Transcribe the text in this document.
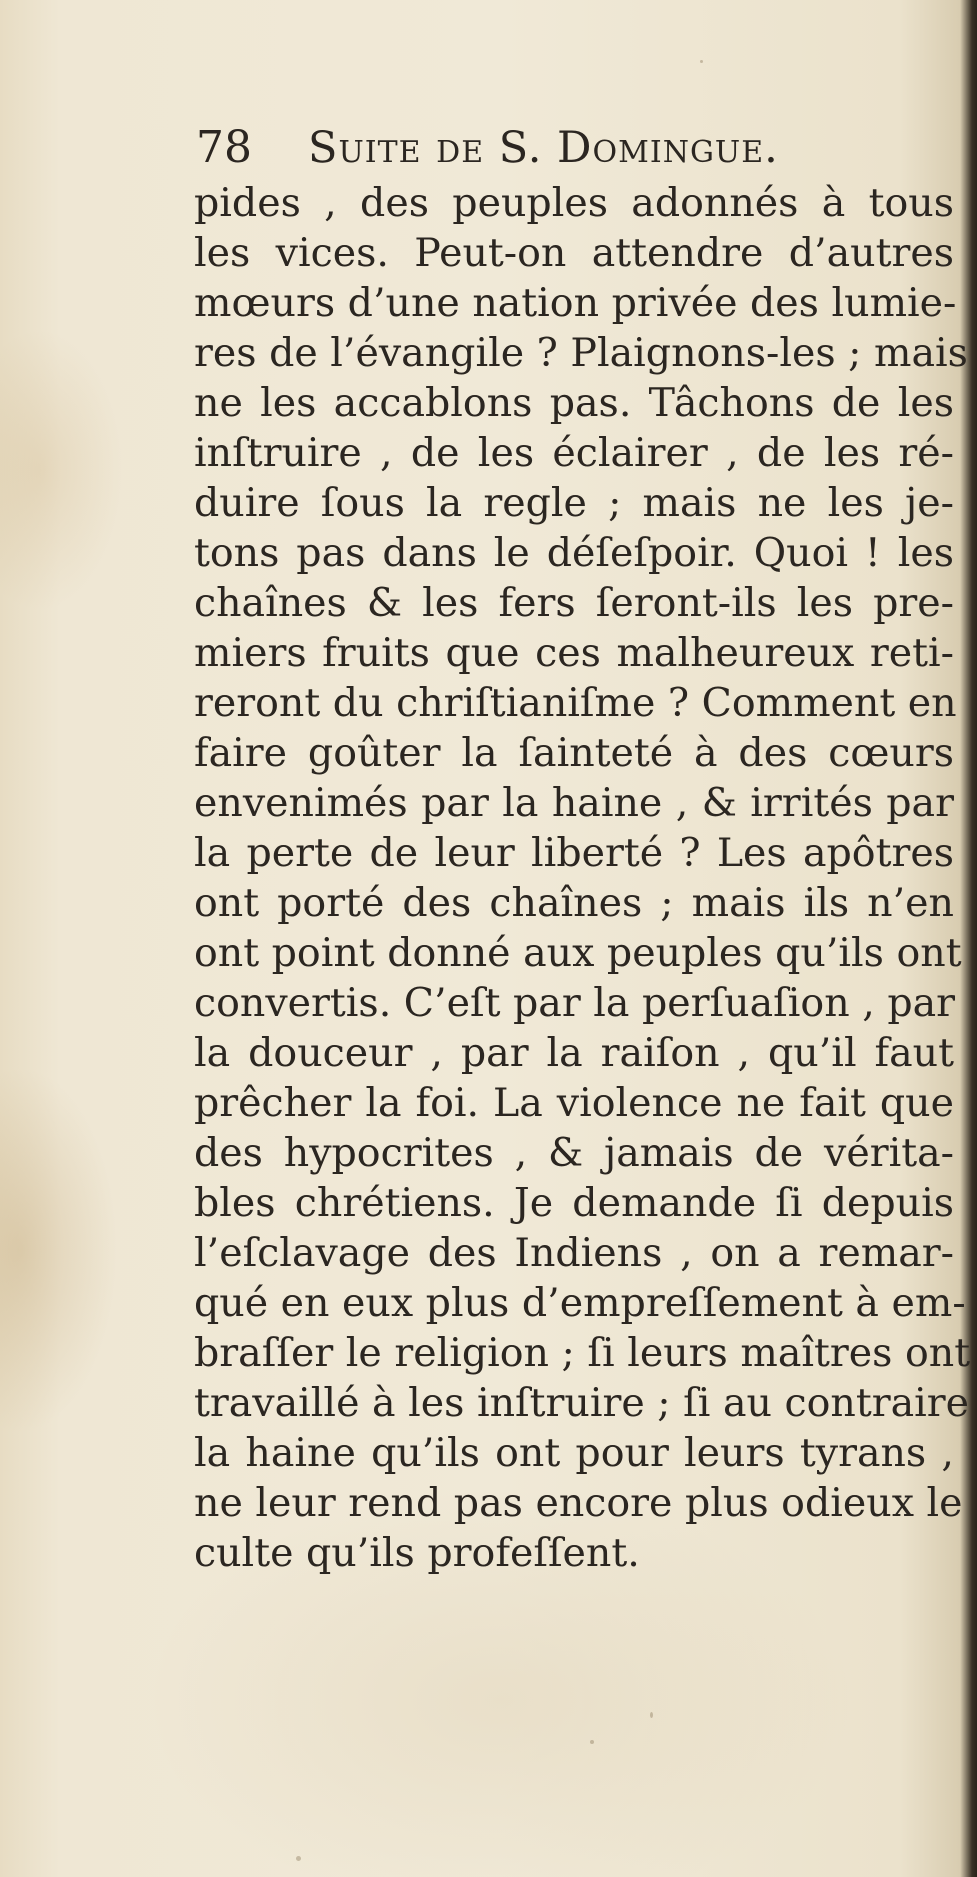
78 Suite de S. Domingue.
pides , des peuples adonnés à tous
les vices. Peut-on attendre d’autres
mœurs d’une nation privée des lumie-
res de l’évangile ? Plaignons-les ; mais
ne les accablons pas. Tâchons de les
inſtruire , de les éclairer , de les ré-
duire ſous la regle ; mais ne les je-
tons pas dans le déſeſpoir. Quoi ! les
chaînes & les fers ſeront-ils les pre-
miers fruits que ces malheureux reti-
reront du chriſtianiſme ? Comment en
faire goûter la ſainteté à des cœurs
envenimés par la haine , & irrités par
la perte de leur liberté ? Les apôtres
ont porté des chaînes ; mais ils n’en
ont point donné aux peuples qu’ils ont
convertis. C’eſt par la perſuaſion , par
la douceur , par la raiſon , qu’il faut
prêcher la foi. La violence ne fait que
des hypocrites , & jamais de vérita-
bles chrétiens. Je demande ſi depuis
l’eſclavage des Indiens , on a remar-
qué en eux plus d’empreſſement à em-
braſſer le religion ; ſi leurs maîtres ont
travaillé à les inſtruire ; ſi au contraire
la haine qu’ils ont pour leurs tyrans ,
ne leur rend pas encore plus odieux le
culte qu’ils profeſſent.
